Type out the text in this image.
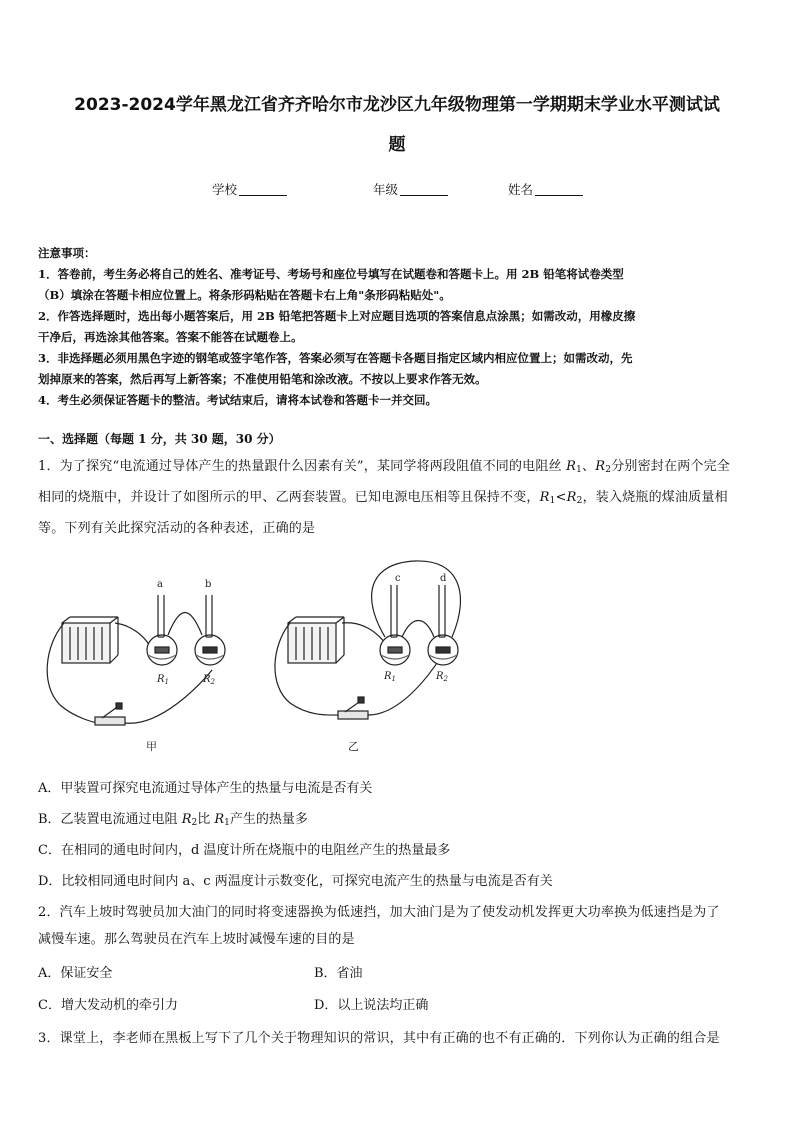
2023-2024学年黑龙江省齐齐哈尔市龙沙区九年级物理第一学期期末学业水平测试试
题
学校	年级	姓名

注意事项：

1．答卷前，考生务必将自己的姓名、准考证号、考场号和座位号填写在试题卷和答题卡上。用 2B 铅笔将试卷类型

（B）填涂在答题卡相应位置上。将条形码粘贴在答题卡右上角"条形码粘贴处"。

2．作答选择题时，选出每小题答案后，用 2B 铅笔把答题卡上对应题目选项的答案信息点涂黑；如需改动，用橡皮擦

干净后，再选涂其他答案。答案不能答在试题卷上。

3．非选择题必须用黑色字迹的钢笔或签字笔作答，答案必须写在答题卡各题目指定区域内相应位置上；如需改动，先

划掉原来的答案，然后再写上新答案；不准使用铅笔和涂改液。不按以上要求作答无效。

4．考生必须保证答题卡的整洁。考试结束后，请将本试卷和答题卡一并交回。

一、选择题（每题 1 分，共 30 题，30 分）

1．为了探究“电流通过导体产生的热量跟什么因素有关”，某同学将两段阻值不同的电阻丝 $R_1$、$R_2$分别密封在两个完全

相同的烧瓶中，并设计了如图所示的甲、乙两套装置。已知电源电压相等且保持不变，$R_1<R_2$，装入烧瓶的煤油质量相

等。下列有关此探究活动的各种表述，正确的是

a	b
c	d
$R_1$	$R_2$	$R_1$	$R_2$
甲	乙
A．甲装置可探究电流通过导体产生的热量与电流是否有关
B．乙装置电流通过电阻 $R_2$比 $R_1$产生的热量多
C．在相同的通电时间内，d 温度计所在烧瓶中的电阻丝产生的热量最多
D．比较相同通电时间内 a、c 两温度计示数变化，可探究电流产生的热量与电流是否有关

2．汽车上坡时驾驶员加大油门的同时将变速器换为低速挡，加大油门是为了使发动机发挥更大功率换为低速挡是为了

减慢车速。那么驾驶员在汽车上坡时减慢车速的目的是

A．保证安全	B．省油
C．增大发动机的牵引力	D．以上说法均正确

3．课堂上，李老师在黑板上写下了几个关于物理知识的常识，其中有正确的也不有正确的．下列你认为正确的组合是
